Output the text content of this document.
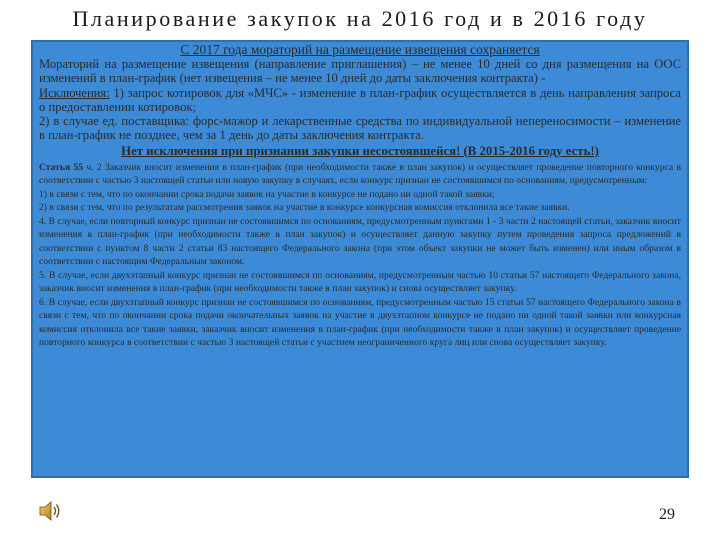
Планирование закупок на 2016 год и в 2016 году
С 2017 года мораторий на размещение извещения сохраняется

Мораторий на размещение извещения (направление приглашения) – не менее 10 дней со дня размещения на ООС изменений в план-график (нет извещения – не менее 10 дней до даты заключения контракта) -

Исключения: 1) запрос котировок для «МЧС» - изменение в план-график осуществляется в день направления запроса о предоставлении котировок;

2) в случае ед. поставщика: форс-мажор и лекарственные средства по индивидуальной непереносимости – изменение в план-график не позднее, чем за 1 день до даты заключения контракта.

Нет исключения при признании закупки несостоявшейся! (В 2015-2016 году есть!)

Статья 55 ч. 2 Заказчик вносит изменения в план-график (при необходимости также в план закупок) и осуществляет проведение повторного конкурса в соответствии с частью 3 настоящей статьи или новую закупку в случаях, если конкурс признан не состоявшимся по основаниям, предусмотренным:

1) в связи с тем, что по окончании срока подачи заявок на участие в конкурсе не подано ни одной такой заявки;

2) в связи с тем, что по результатам рассмотрения заявок на участие в конкурсе конкурсная комиссия отклонила все такие заявки.

4. В случае, если повторный конкурс признан не состоявшимся по основаниям, предусмотренным пунктами 1 - 3 части 2 настоящей статьи, заказчик вносит изменения в план-график (при необходимости также в план закупок) и осуществляет данную закупку путем проведения запроса предложений в соответствии с пунктом 8 части 2 статьи 83 настоящего Федерального закона (при этом объект закупки не может быть изменен) или иным образом в соответствии с настоящим Федеральным законом.

5. В случае, если двухэтапный конкурс признан не состоявшимся по основаниям, предусмотренным частью 10 статьи 57 настоящего Федерального закона, заказчик вносит изменения в план-график (при необходимости также в план закупок) и снова осуществляет закупку.

6. В случае, если двухэтапный конкурс признан не состоявшимся по основаниям, предусмотренным частью 15 статьи 57 настоящего Федерального закона в связи с тем, что по окончании срока подачи окончательных заявок на участие в двухэтапном конкурсе не подано ни одной такой заявки или конкурсная комиссия отклонила все такие заявки, заказчик вносит изменения в план-график (при необходимости также в план закупок) и осуществляет проведение повторного конкурса в соответствии с частью 3 настоящей статьи с участием неограниченного круга лиц или снова осуществляет закупку.

29
